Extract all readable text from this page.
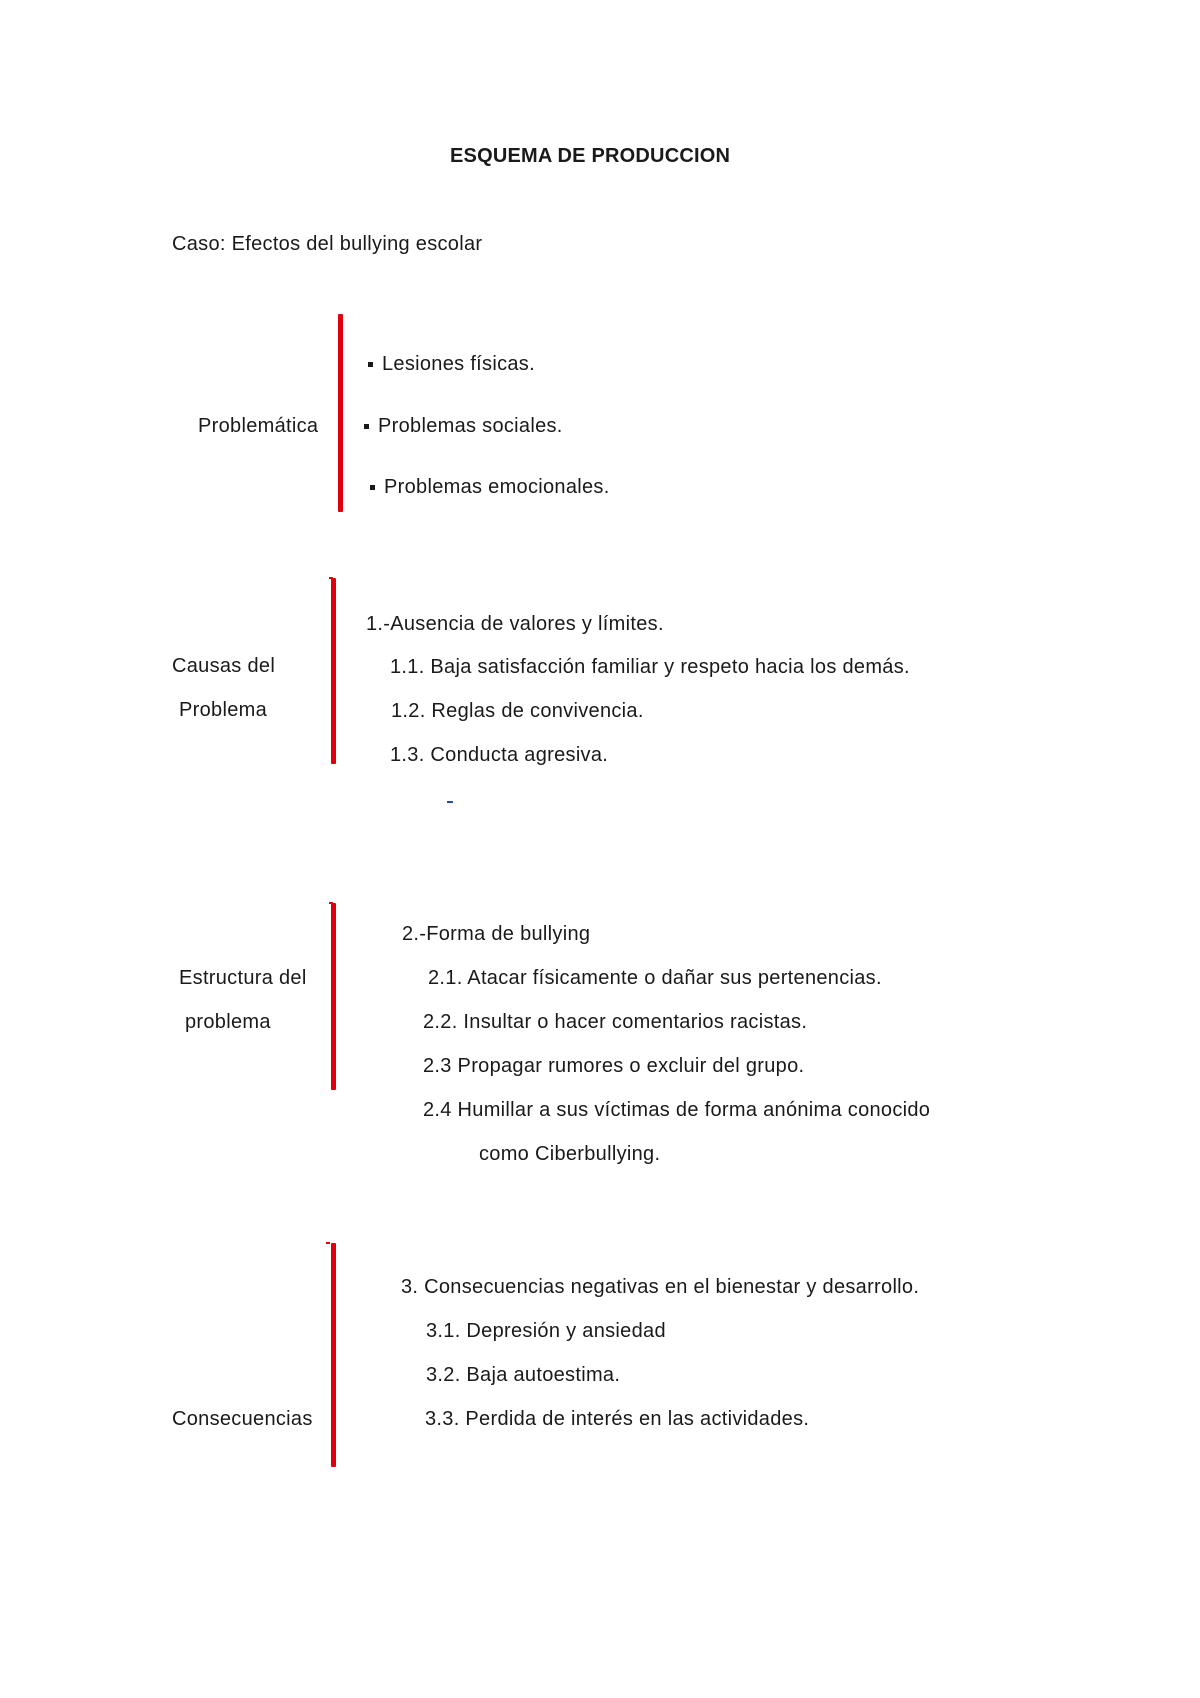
ESQUEMA DE PRODUCCION
Caso: Efectos del bullying escolar
Problemática
Lesiones físicas.
Problemas sociales.
Problemas emocionales.
Causas del
Problema
1.-Ausencia de valores y límites.
1.1. Baja satisfacción familiar y respeto hacia los demás.
1.2. Reglas de convivencia.
1.3. Conducta agresiva.
Estructura del
problema
2.-Forma de bullying
2.1. Atacar físicamente o dañar sus pertenencias.
2.2. Insultar o hacer comentarios racistas.
2.3 Propagar rumores o excluir del grupo.
2.4 Humillar a sus víctimas de forma anónima conocido
como Ciberbullying.
Consecuencias
3. Consecuencias negativas en el bienestar y desarrollo.
3.1. Depresión y ansiedad
3.2. Baja autoestima.
3.3. Perdida de interés en las actividades.
